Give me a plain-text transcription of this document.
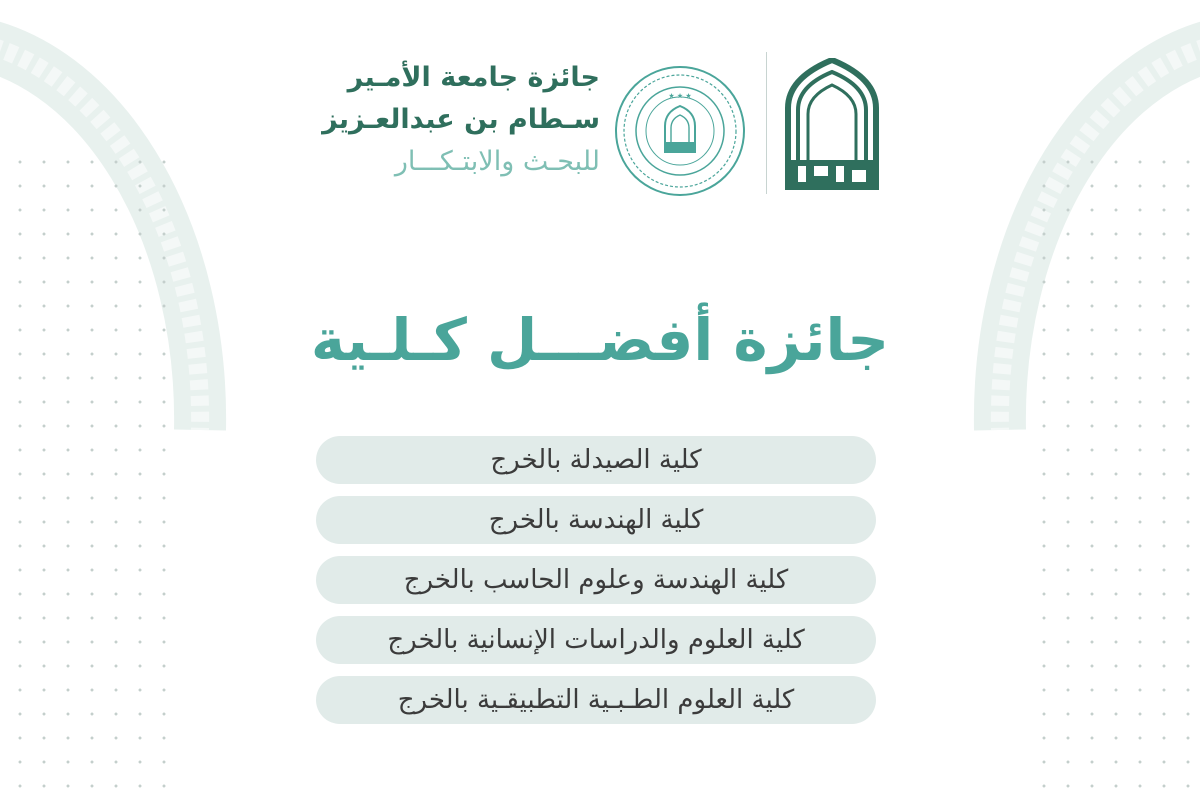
جائزة جامعة الأمـير
سـطام بن عبدالعـزيز
للبحـث والابتـكـــار
★ ★ ★
جائزة أفضـــل كـلـية
كلية الصيدلة بالخرج
كلية الهندسة بالخرج
كلية الهندسة وعلوم الحاسب بالخرج
كلية العلوم والدراسات الإنسانية بالخرج
كلية العلوم الطـبـية التطبيقـية بالخرج
